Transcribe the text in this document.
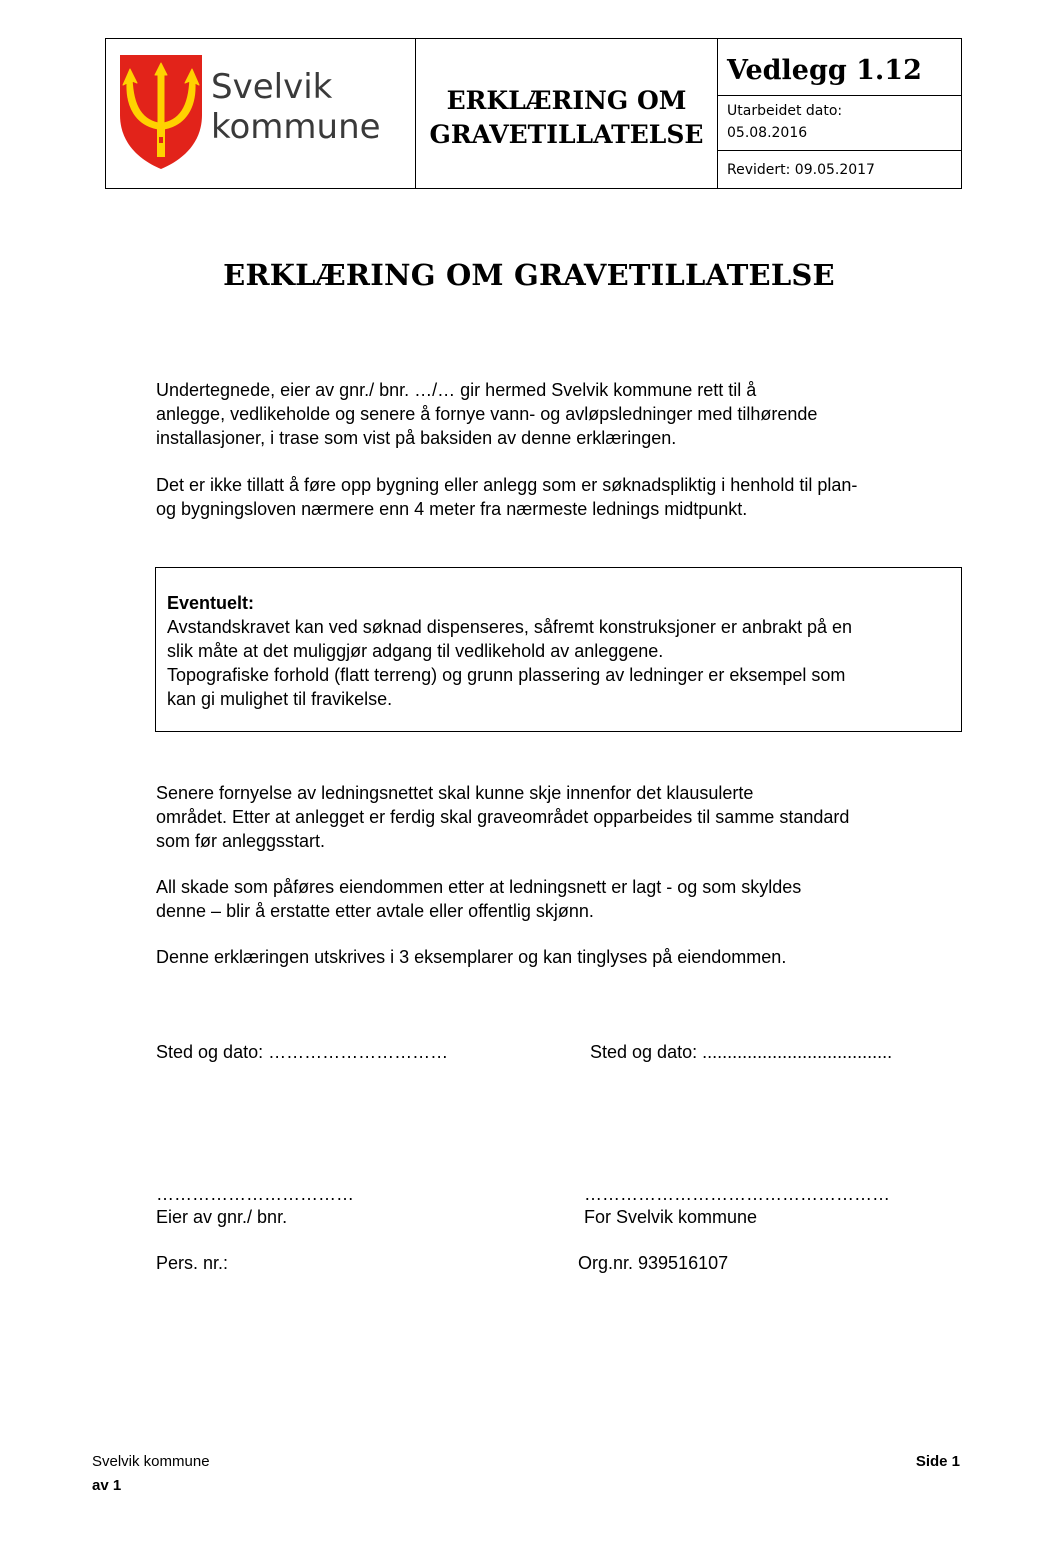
Svelvik
kommune
ERKLÆRING OM
GRAVETILLATELSE
Vedlegg 1.12
Utarbeidet dato:
05.08.2016
Revidert: 09.05.2017
ERKLÆRING OM GRAVETILLATELSE
Undertegnede, eier av gnr./ bnr. …/… gir hermed Svelvik kommune rett til å
anlegge, vedlikeholde og senere å fornye vann- og avløpsledninger med tilhørende
installasjoner, i trase som vist på baksiden av denne erklæringen.
Det er ikke tillatt å føre opp bygning eller anlegg som er søknadspliktig i henhold til plan-
og bygningsloven nærmere enn 4 meter fra nærmeste lednings midtpunkt.
Eventuelt:
Avstandskravet kan ved søknad dispenseres, såfremt konstruksjoner er anbrakt på en
slik måte at det muliggjør adgang til vedlikehold av anleggene.
Topografiske forhold (flatt terreng) og grunn plassering av ledninger er eksempel som
kan gi mulighet til fravikelse.
Senere fornyelse av ledningsnettet skal kunne skje innenfor det klausulerte
området. Etter at anlegget er ferdig skal graveområdet opparbeides til samme standard
som før anleggsstart.
All skade som påføres eiendommen etter at ledningsnett er lagt - og som skyldes
denne – blir å erstatte etter avtale eller offentlig skjønn.
Denne erklæringen utskrives i 3 eksemplarer og kan tinglyses på eiendommen.
Sted og dato: …………………………	Sted og dato: ......................................
……………………………	……………………………………………
Eier av gnr./ bnr.	For Svelvik kommune
Pers. nr.:	Org.nr. 939516107
Svelvik kommune
av 1
Side 1
